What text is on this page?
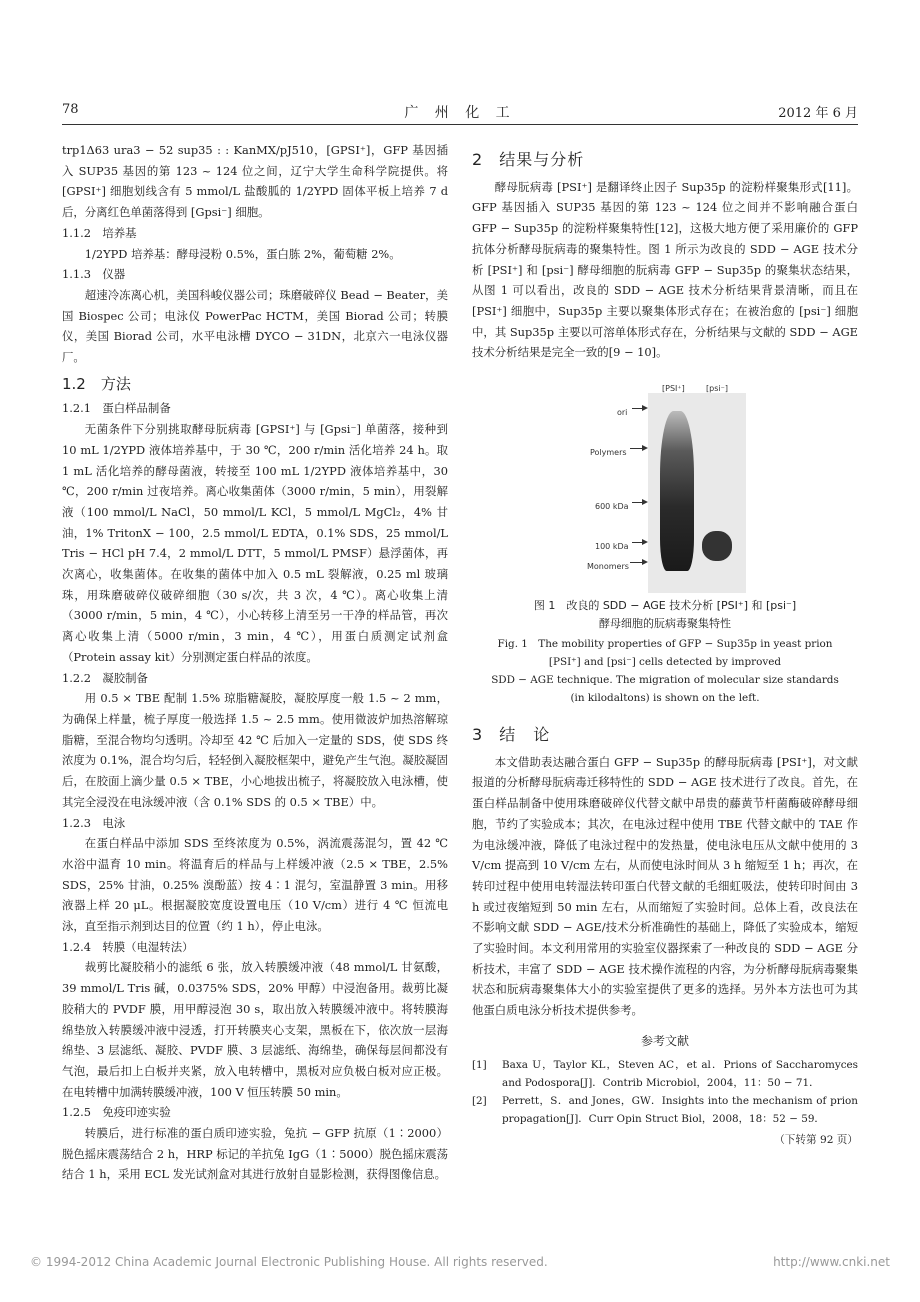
78	广 州 化 工	2012 年 6 月

trp1Δ63 ura3 − 52 sup35 : : KanMX/pJ510，[GPSI⁺]，GFP 基因插入 SUP35 基因的第 123 ~ 124 位之间，辽宁大学生命科学院提供。将 [GPSI⁺] 细胞划线含有 5 mmol/L 盐酸胍的 1/2YPD 固体平板上培养 7 d 后，分离红色单菌落得到 [Gpsi⁻] 细胞。

1.1.2　培养基

1/2YPD 培养基：酵母浸粉 0.5%，蛋白胨 2%，葡萄糖 2%。

1.1.3　仪器

超速冷冻离心机，美国科峻仪器公司；珠磨破碎仪 Bead − Beater，美国 Biospec 公司；电泳仪 PowerPac HCTM，美国 Biorad 公司；转膜仪，美国 Biorad 公司，水平电泳槽 DYCO − 31DN，北京六一电泳仪器厂。

1.2　方法

1.2.1　蛋白样品制备

无菌条件下分别挑取酵母朊病毒 [GPSI⁺] 与 [Gpsi⁻] 单菌落，接种到 10 mL 1/2YPD 液体培养基中，于 30 ℃，200 r/min 活化培养 24 h。取 1 mL 活化培养的酵母菌液，转接至 100 mL 1/2YPD 液体培养基中，30 ℃，200 r/min 过夜培养。离心收集菌体（3000 r/min，5 min），用裂解液（100 mmol/L NaCl，50 mmol/L KCl，5 mmol/L MgCl₂，4% 甘油，1% TritonX − 100，2.5 mmol/L EDTA，0.1% SDS，25 mmol/L Tris − HCl pH 7.4，2 mmol/L DTT，5 mmol/L PMSF）悬浮菌体，再次离心，收集菌体。在收集的菌体中加入 0.5 mL 裂解液，0.25 ml 玻璃珠，用珠磨破碎仪破碎细胞（30 s/次，共 3 次，4 ℃）。离心收集上清（3000 r/min，5 min，4 ℃），小心转移上清至另一干净的样品管，再次离心收集上清（5000 r/min，3 min，4 ℃），用蛋白质测定试剂盒（Protein assay kit）分别测定蛋白样品的浓度。

1.2.2　凝胶制备

用 0.5 × TBE 配制 1.5% 琼脂糖凝胶，凝胶厚度一般 1.5 ~ 2 mm，为确保上样量，梳子厚度一般选择 1.5 ~ 2.5 mm。使用微波炉加热溶解琼脂糖，至混合物均匀透明。冷却至 42 ℃ 后加入一定量的 SDS，使 SDS 终浓度为 0.1%，混合均匀后，轻轻倒入凝胶框架中，避免产生气泡。凝胶凝固后，在胶面上滴少量 0.5 × TBE，小心地拔出梳子，将凝胶放入电泳槽，使其完全浸没在电泳缓冲液（含 0.1% SDS 的 0.5 × TBE）中。

1.2.3　电泳

在蛋白样品中添加 SDS 至终浓度为 0.5%，涡流震荡混匀，置 42 ℃ 水浴中温育 10 min。将温育后的样品与上样缓冲液（2.5 × TBE，2.5% SDS，25% 甘油，0.25% 溴酚蓝）按 4∶1 混匀，室温静置 3 min。用移液器上样 20 μL。根据凝胶宽度设置电压（10 V/cm）进行 4 ℃ 恒流电泳，直至指示剂到达目的位置（约 1 h），停止电泳。

1.2.4　转膜（电湿转法）

裁剪比凝胶稍小的滤纸 6 张，放入转膜缓冲液（48 mmol/L 甘氨酸，39 mmol/L Tris 碱，0.0375% SDS，20% 甲醇）中浸泡备用。裁剪比凝胶稍大的 PVDF 膜，用甲醇浸泡 30 s，取出放入转膜缓冲液中。将转膜海绵垫放入转膜缓冲液中浸透，打开转膜夹心支架，黑板在下，依次放一层海绵垫、3 层滤纸、凝胶、PVDF 膜、3 层滤纸、海绵垫，确保每层间都没有气泡，最后扣上白板并夹紧，放入电转槽中，黑板对应负极白板对应正极。在电转槽中加满转膜缓冲液，100 V 恒压转膜 50 min。

1.2.5　免疫印迹实验

转膜后，进行标准的蛋白质印迹实验，兔抗 − GFP 抗原（1∶2000）脱色摇床震荡结合 2 h，HRP 标记的羊抗兔 IgG（1∶5000）脱色摇床震荡结合 1 h，采用 ECL 发光试剂盒对其进行放射自显影检测，获得图像信息。

2 结果与分析

酵母朊病毒 [PSI⁺] 是翻译终止因子 Sup35p 的淀粉样聚集形式[11]。GFP 基因插入 SUP35 基因的第 123 ~ 124 位之间并不影响融合蛋白 GFP − Sup35p 的淀粉样聚集特性[12]，这极大地方便了采用廉价的 GFP 抗体分析酵母朊病毒的聚集特性。图 1 所示为改良的 SDD − AGE 技术分析 [PSI⁺] 和 [psi⁻] 酵母细胞的朊病毒 GFP − Sup35p 的聚集状态结果，从图 1 可以看出，改良的 SDD − AGE 技术分析结果背景清晰，而且在 [PSI⁺] 细胞中，Sup35p 主要以聚集体形式存在；在被治愈的 [psi⁻] 细胞中，其 Sup35p 主要以可溶单体形式存在，分析结果与文献的 SDD − AGE 技术分析结果是完全一致的[9 − 10]。

[PSI⁺]	[psi⁻]
ori
Polymers
600 kDa
100 kDa
Monomers
图 1　改良的 SDD − AGE 技术分析 [PSI⁺] 和 [psi⁻]
酵母细胞的朊病毒聚集特性
Fig. 1　The mobility properties of GFP − Sup35p in yeast prion
[PSI⁺] and [psi⁻] cells detected by improved
SDD − AGE technique. The migration of molecular size standards
(in kilodaltons) is shown on the left.

3 结　论

本文借助表达融合蛋白 GFP − Sup35p 的酵母朊病毒 [PSI⁺]，对文献报道的分析酵母朊病毒迁移特性的 SDD − AGE 技术进行了改良。首先，在蛋白样品制备中使用珠磨破碎仪代替文献中昂贵的藤黄节杆菌酶破碎酵母细胞，节约了实验成本；其次，在电泳过程中使用 TBE 代替文献中的 TAE 作为电泳缓冲液，降低了电泳过程中的发热量，使电泳电压从文献中使用的 3 V/cm 提高到 10 V/cm 左右，从而使电泳时间从 3 h 缩短至 1 h；再次，在转印过程中使用电转湿法转印蛋白代替文献的毛细虹吸法，使转印时间由 3 h 或过夜缩短到 50 min 左右，从而缩短了实验时间。总体上看，改良法在不影响文献 SDD − AGE/技术分析准确性的基础上，降低了实验成本，缩短了实验时间。本文利用常用的实验室仪器探索了一种改良的 SDD − AGE 分析技术，丰富了 SDD − AGE 技术操作流程的内容，为分析酵母朊病毒聚集状态和朊病毒聚集体大小的实验室提供了更多的选择。另外本方法也可为其他蛋白质电泳分析技术提供参考。

参考文献

[1]	Baxa U，Taylor KL，Steven AC，et al．Prions of Saccharomyces and Podospora[J]．Contrib Microbiol，2004，11：50 − 71．
[2]	Perrett，S．and Jones，GW．Insights into the mechanism of prion propagation[J]．Curr Opin Struct Biol，2008，18：52 − 59．
（下转第 92 页）
© 1994-2012 China Academic Journal Electronic Publishing House. All rights reserved.	http://www.cnki.net
